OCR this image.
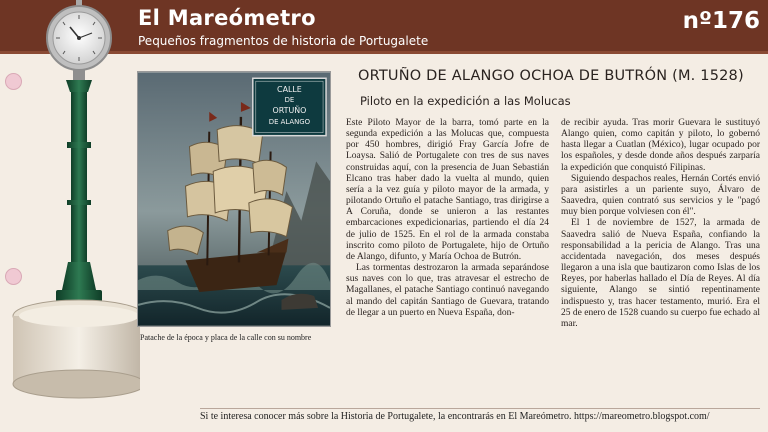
El Mareómetro
Pequeños fragmentos de historia de Portugalete
nº176
CALLE
DE
ORTUÑO
DE ALANGO
Patache de la época y placa de la calle con su nombre
ORTUÑO DE ALANGO OCHOA DE BUTRÓN (M. 1528)
Piloto en la expedición a las Molucas

Este Piloto Mayor de la barra, tomó parte en la segunda expedición a las Molucas que, compuesta por 450 hombres, dirigió Fray García Jofre de Loaysa. Salió de Portugalete con tres de sus naves construidas aquí, con la presencia de Juan Sebastián Elcano tras haber dado la vuelta al mundo, quien sería a la vez guía y piloto mayor de la armada, y pilotando Ortuño el patache Santiago, tras dirigirse a A Coruña, donde se unieron a las restantes embarcaciones expedicionarias, partiendo el día 24 de julio de 1525. En el rol de la armada constaba inscrito como piloto de Portugalete, hijo de Ortuño de Alango, difunto, y María Ochoa de Butrón.

Las tormentas destrozaron la armada separándose sus naves con lo que, tras atravesar el estrecho de Magallanes, el patache Santiago continuó navegando al mando del capitán Santiago de Guevara, tratando de llegar a un puerto en Nueva España, don-

de recibir ayuda. Tras morir Guevara le sustituyó Alango quien, como capitán y piloto, lo gobernó hasta llegar a Cuatlan (México), lugar ocupado por los españoles, y desde donde años después zarparía la expedición que conquistó Filipinas.

Siguiendo despachos reales, Hernán Cortés envió para asistirles a un pariente suyo, Álvaro de Saavedra, quien contrató sus servicios y le "pagó muy bien porque volviesen con él".

El 1 de noviembre de 1527, la armada de Saavedra salió de Nueva España, confiando la responsabilidad a la pericia de Alango. Tras una accidentada navegación, dos meses después llegaron a una isla que bautizaron como Islas de los Reyes, por haberlas hallado el Día de Reyes. Al día siguiente, Alango se sintió repentinamente indispuesto y, tras hacer testamento, murió. Era el 25 de enero de 1528 cuando su cuerpo fue echado al mar.

Si te interesa conocer más sobre la Historia de Portugalete, la encontrarás en El Mareómetro. https://mareometro.blogspot.com/
